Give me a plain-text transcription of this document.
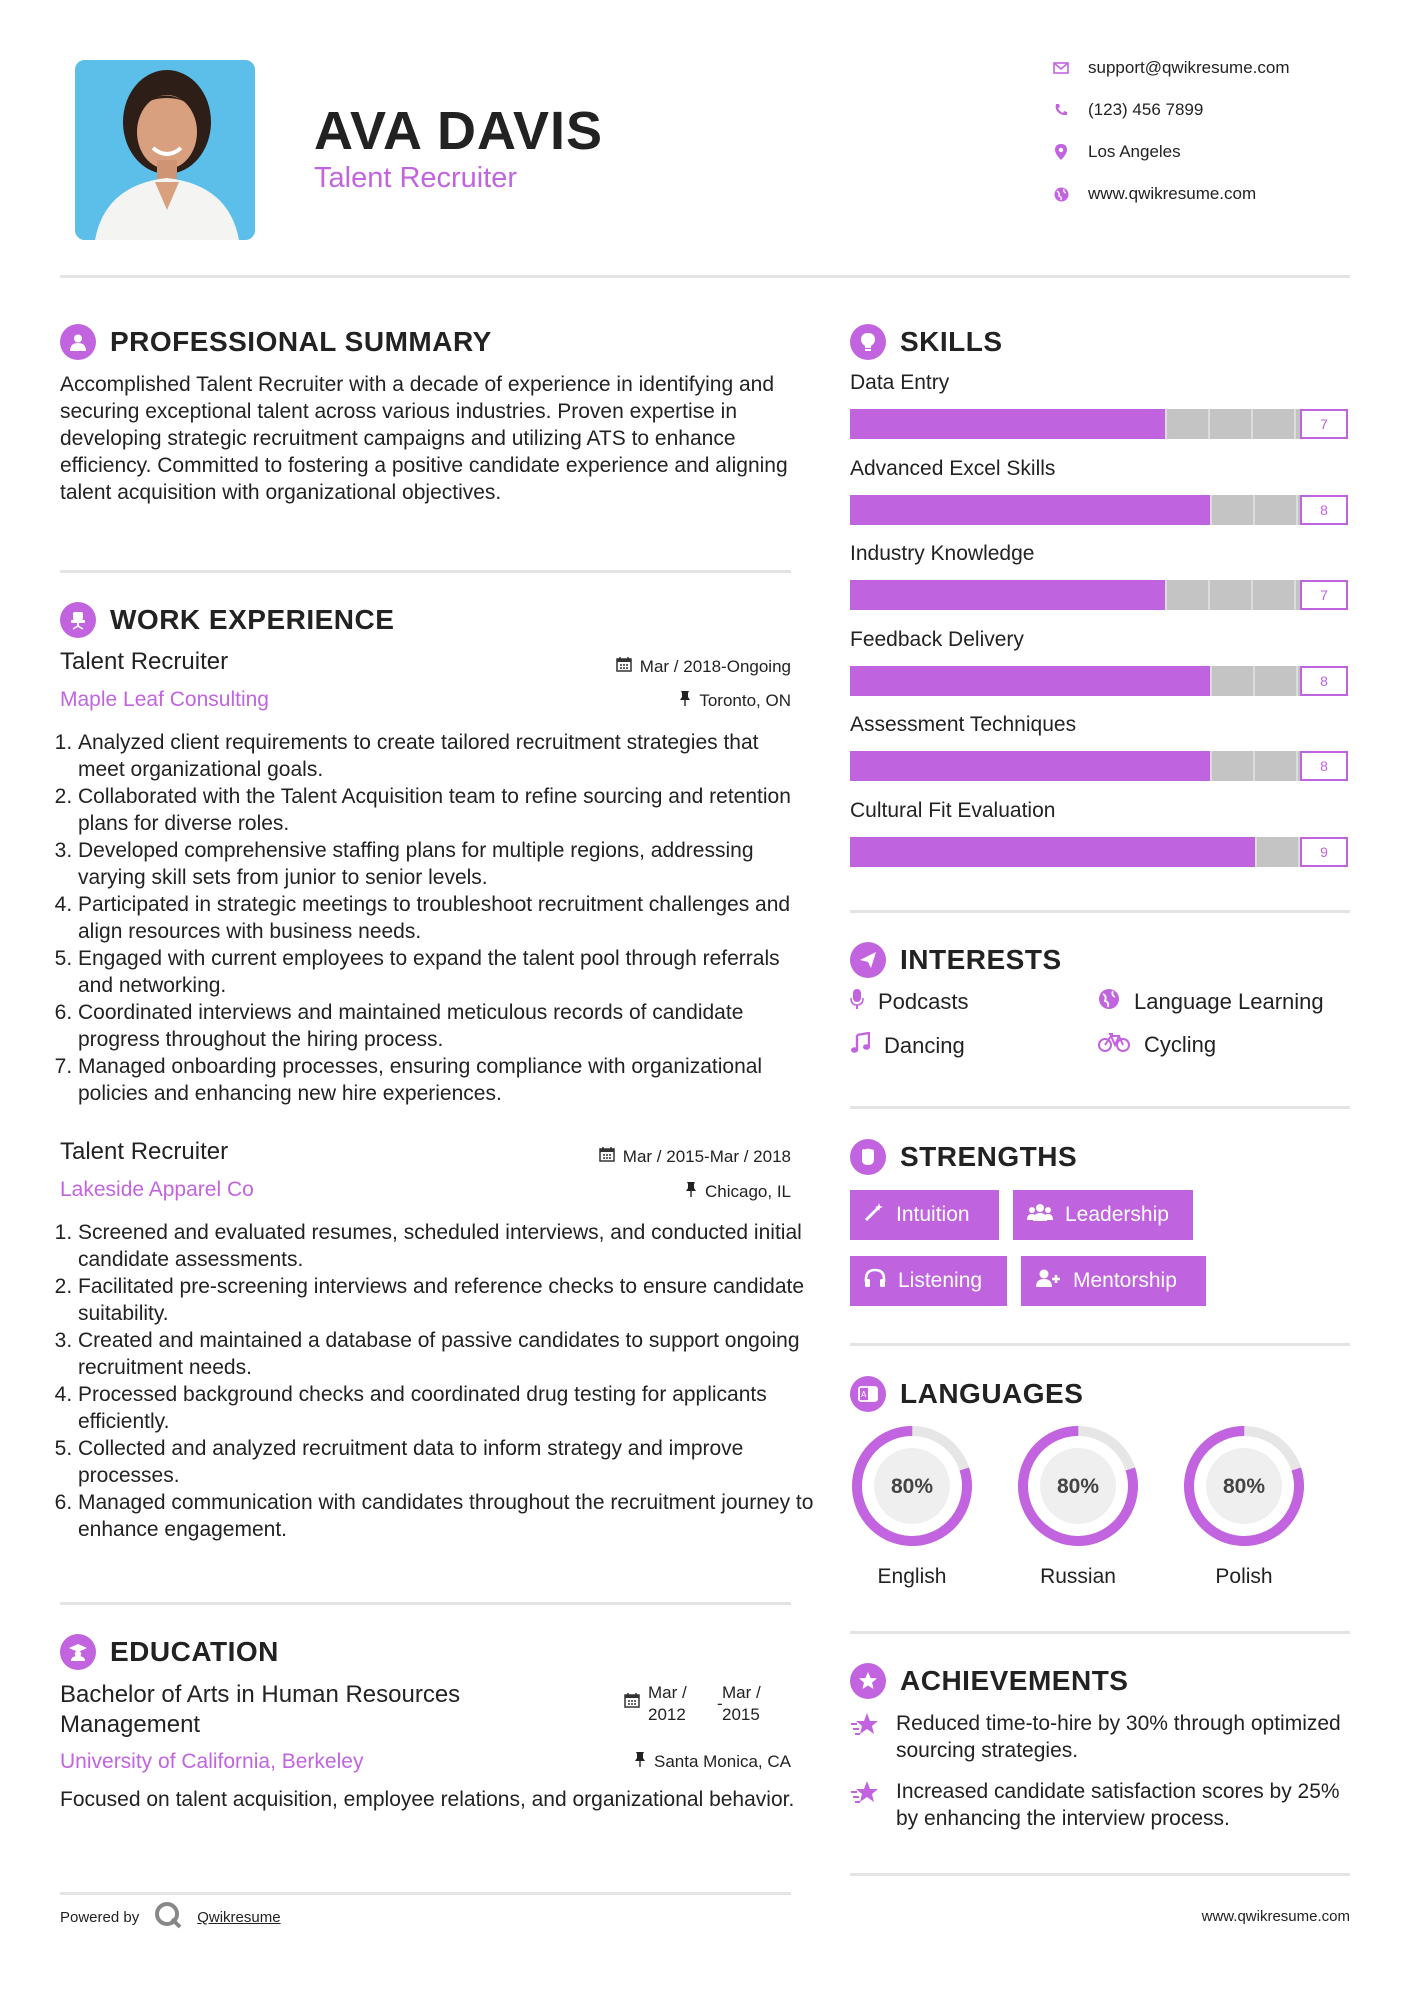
AVA DAVIS
Talent Recruiter
support@qwikresume.com
(123) 456 7899
Los Angeles
www.qwikresume.com
PROFESSIONAL SUMMARY
Accomplished Talent Recruiter with a decade of experience in identifying and securing exceptional talent across various industries. Proven expertise in developing strategic recruitment campaigns and utilizing ATS to enhance efficiency. Committed to fostering a positive candidate experience and aligning talent acquisition with organizational objectives.
WORK EXPERIENCE
Talent Recruiter	Mar / 2018-Ongoing
Maple Leaf Consulting	Toronto, ON
1. Analyzed client requirements to create tailored recruitment strategies that meet organizational goals.
2. Collaborated with the Talent Acquisition team to refine sourcing and retention plans for diverse roles.
3. Developed comprehensive staffing plans for multiple regions, addressing varying skill sets from junior to senior levels.
4. Participated in strategic meetings to troubleshoot recruitment challenges and align resources with business needs.
5. Engaged with current employees to expand the talent pool through referrals and networking.
6. Coordinated interviews and maintained meticulous records of candidate progress throughout the hiring process.
7. Managed onboarding processes, ensuring compliance with organizational policies and enhancing new hire experiences.
Talent Recruiter	Mar / 2015-Mar / 2018
Lakeside Apparel Co	Chicago, IL
1. Screened and evaluated resumes, scheduled interviews, and conducted initial candidate assessments.
2. Facilitated pre-screening interviews and reference checks to ensure candidate suitability.
3. Created and maintained a database of passive candidates to support ongoing recruitment needs.
4. Processed background checks and coordinated drug testing for applicants efficiently.
5. Collected and analyzed recruitment data to inform strategy and improve processes.
6. Managed communication with candidates throughout the recruitment journey to enhance engagement.
EDUCATION
Bachelor of Arts in Human Resources Management
Mar / 2012
-
Mar / 2015
University of California, Berkeley	Santa Monica, CA
Focused on talent acquisition, employee relations, and organizational behavior.
Powered by	Qwikresume
SKILLS
Data Entry
7
Advanced Excel Skills
8
Industry Knowledge
7
Feedback Delivery
8
Assessment Techniques
8
Cultural Fit Evaluation
9
INTERESTS
Podcasts	Language Learning
Dancing	Cycling
STRENGTHS
Intuition	Leadership
Listening	Mentorship
A LANGUAGES
80%
English
80%
Russian
80%
Polish
ACHIEVEMENTS
Reduced time-to-hire by 30% through optimized sourcing strategies.
Increased candidate satisfaction scores by 25% by enhancing the interview process.
www.qwikresume.com
